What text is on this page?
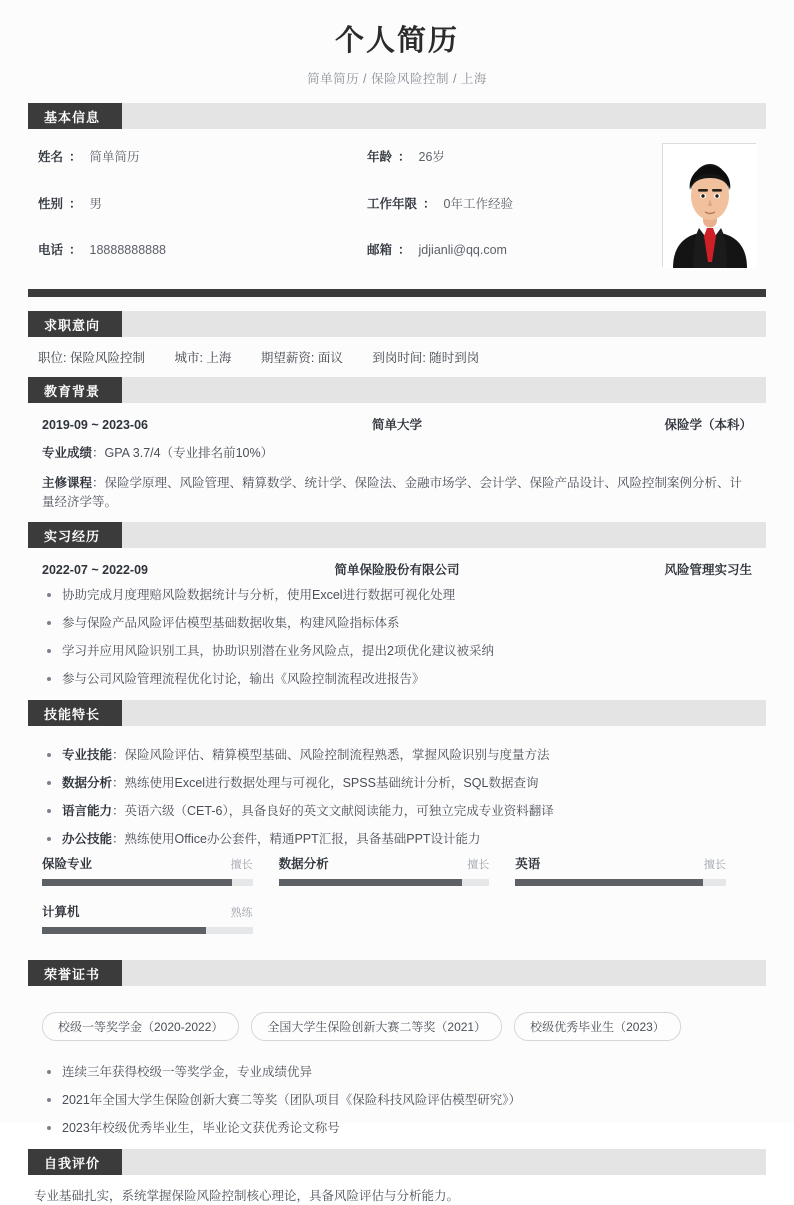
个人简历
简单简历 / 保险风险控制 / 上海
基本信息
姓名 ： 简单简历	年龄 ： 26岁
性别 ： 男	工作年限 ： 0年工作经验
电话 ： 18888888888	邮箱 ： jdjianli@qq.com
求职意向
职位: 保险风险控制 城市: 上海 期望薪资: 面议 到岗时间: 随时到岗
教育背景
2019-09 ~ 2023-06	简单大学	保险学（本科）
专业成绩：GPA 3.7/4（专业排名前10%）
主修课程：保险学原理、风险管理、精算数学、统计学、保险法、金融市场学、会计学、保险产品设计、风险控制案例分析、计量经济学等。
实习经历
2022-07 ~ 2022-09	简单保险股份有限公司	风险管理实习生
协助完成月度理赔风险数据统计与分析，使用Excel进行数据可视化处理
参与保险产品风险评估模型基础数据收集，构建风险指标体系
学习并应用风险识别工具，协助识别潜在业务风险点，提出2项优化建议被采纳
参与公司风险管理流程优化讨论，输出《风险控制流程改进报告》
技能特长
专业技能：保险风险评估、精算模型基础、风险控制流程熟悉，掌握风险识别与度量方法
数据分析：熟练使用Excel进行数据处理与可视化，SPSS基础统计分析，SQL数据查询
语言能力：英语六级（CET-6），具备良好的英文文献阅读能力，可独立完成专业资料翻译
办公技能：熟练使用Office办公套件，精通PPT汇报，具备基础PPT设计能力
保险专业	擅长 数据分析	擅长 英语	擅长
计算机	熟练
荣誉证书
校级一等奖学金（2020-2022）	全国大学生保险创新大赛二等奖（2021）	校级优秀毕业生（2023）
连续三年获得校级一等奖学金，专业成绩优异
2021年全国大学生保险创新大赛二等奖（团队项目《保险科技风险评估模型研究》）
2023年校级优秀毕业生，毕业论文获优秀论文称号
自我评价
专业基础扎实，系统掌握保险风险控制核心理论，具备风险评估与分析能力。
